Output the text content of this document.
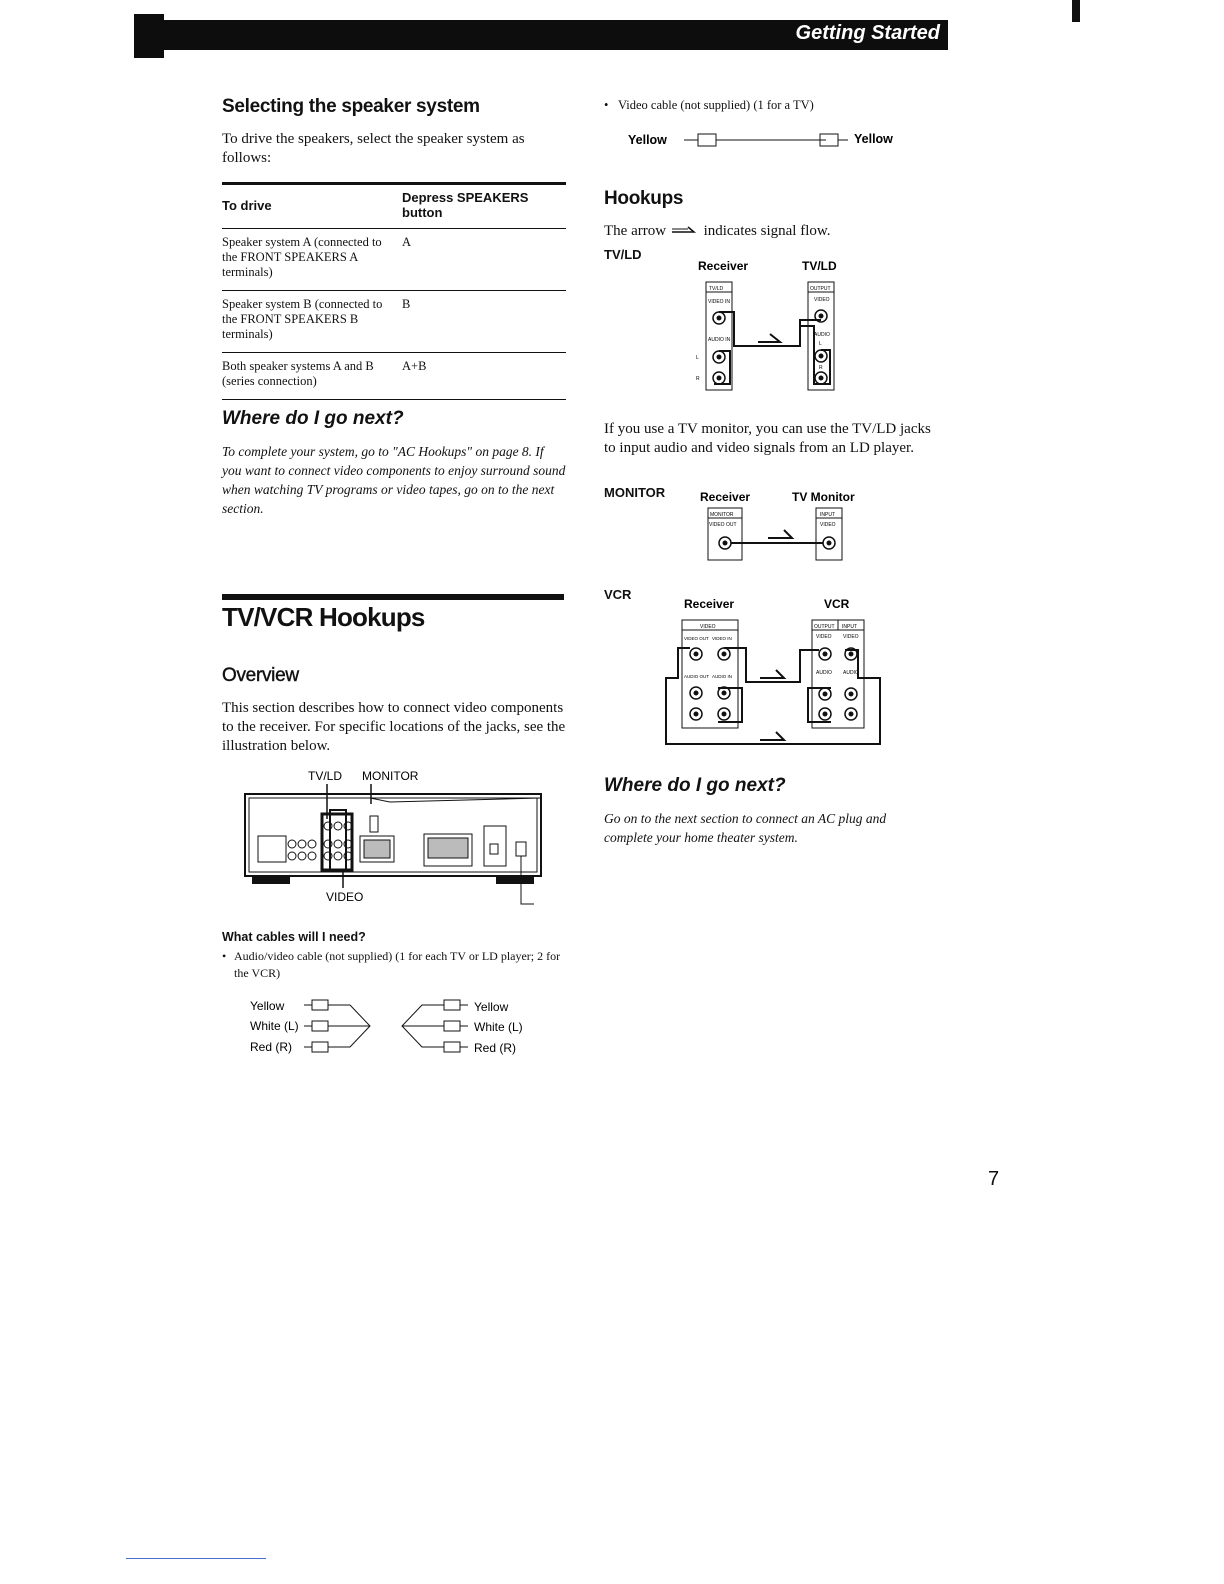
Getting Started
Selecting the speaker system

To drive the speakers, select the speaker system as follows:

To drive	Depress SPEAKERS button
Speaker system A (connected to the FRONT SPEAKERS A terminals)	A
Speaker system B (connected to the FRONT SPEAKERS B terminals)	B
Both speaker systems A and B (series connection)	A+B
Where do I go next?

To complete your system, go to "AC Hookups" on page 8. If you want to connect video components to enjoy surround sound when watching TV programs or video tapes, go on to the next section.

TV/VCR Hookups
Overview

This section describes how to connect video components to the receiver. For specific locations of the jacks, see the illustration below.

TV/LD MONITOR
VIDEO
What cables will I need?
• Audio/video cable (not supplied) (1 for each TV or LD player; 2 for the VCR)
Yellow
White (L)
Red (R)
Yellow
White (L)
Red (R)
• Video cable (not supplied) (1 for a TV)
Yellow	Yellow
Hookups

The arrow	indicates signal flow.

TV/LD
Receiver	TV/LD
TV/LD
VIDEO IN
AUDIO IN
L
R
OUTPUT
VIDEO
AUDIO
L
R

If you use a TV monitor, you can use the TV/LD jacks to input audio and video signals from an LD player.

MONITOR	Receiver	TV Monitor
MONITOR
VIDEO OUT
INPUT
VIDEO
VCR
Receiver	VCR
VIDEO
VIDEO OUT VIDEO IN
AUDIO OUT AUDIO IN
OUTPUT INPUT
VIDEO VIDEO
AUDIO AUDIO
Where do I go next?

Go on to the next section to connect an AC plug and complete your home theater system.

7
